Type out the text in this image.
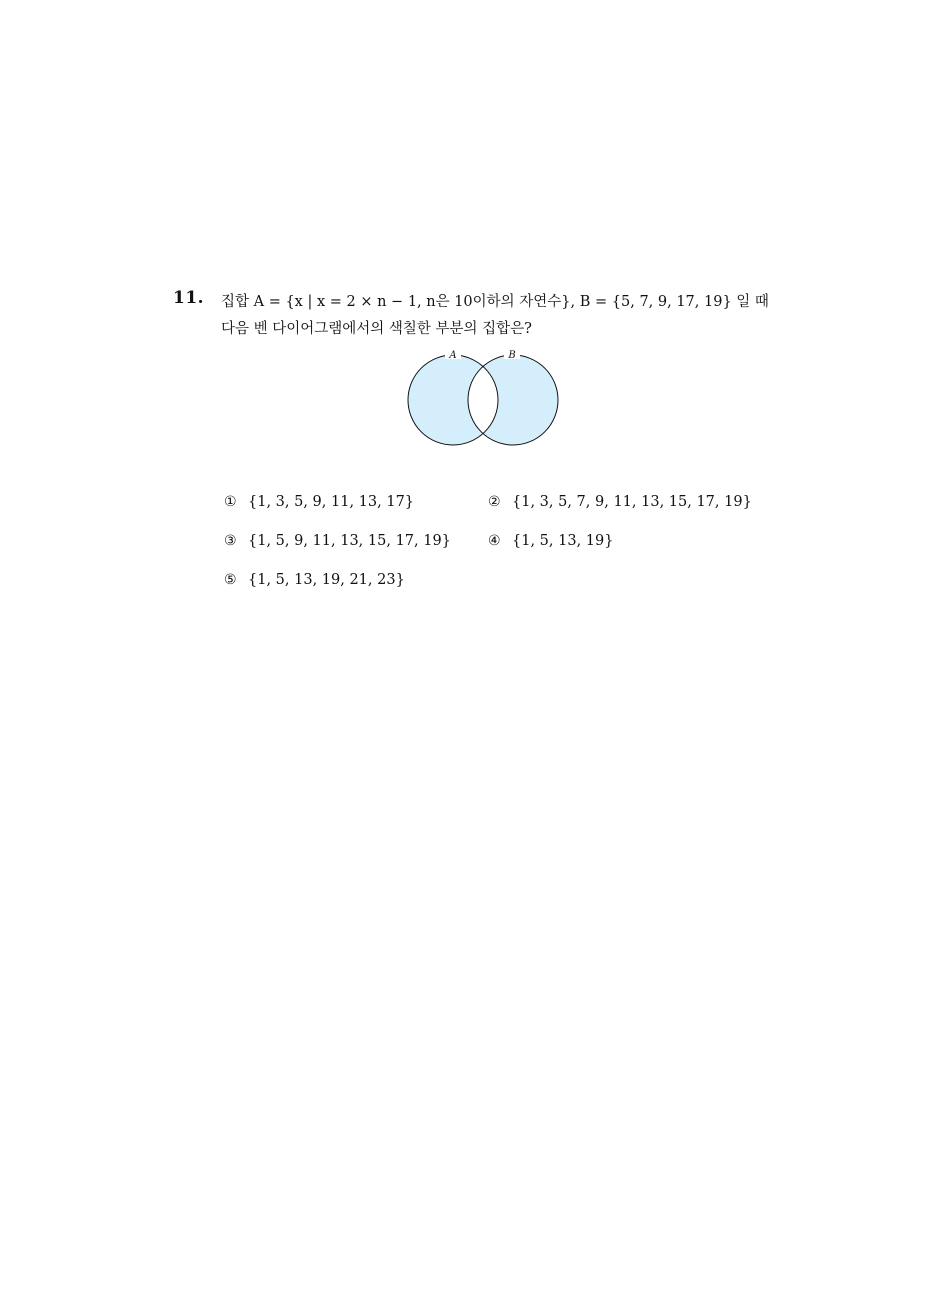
11. 집합 A = {x | x = 2 × n − 1, n은 10이하의 자연수}, B = {5, 7, 9, 17, 19} 일 때
다음 벤 다이어그램에서의 색칠한 부분의 집합은?
A	B
① {1, 3, 5, 9, 11, 13, 17}	② {1, 3, 5, 7, 9, 11, 13, 15, 17, 19}
③ {1, 5, 9, 11, 13, 15, 17, 19}	④ {1, 5, 13, 19}
⑤ {1, 5, 13, 19, 21, 23}
